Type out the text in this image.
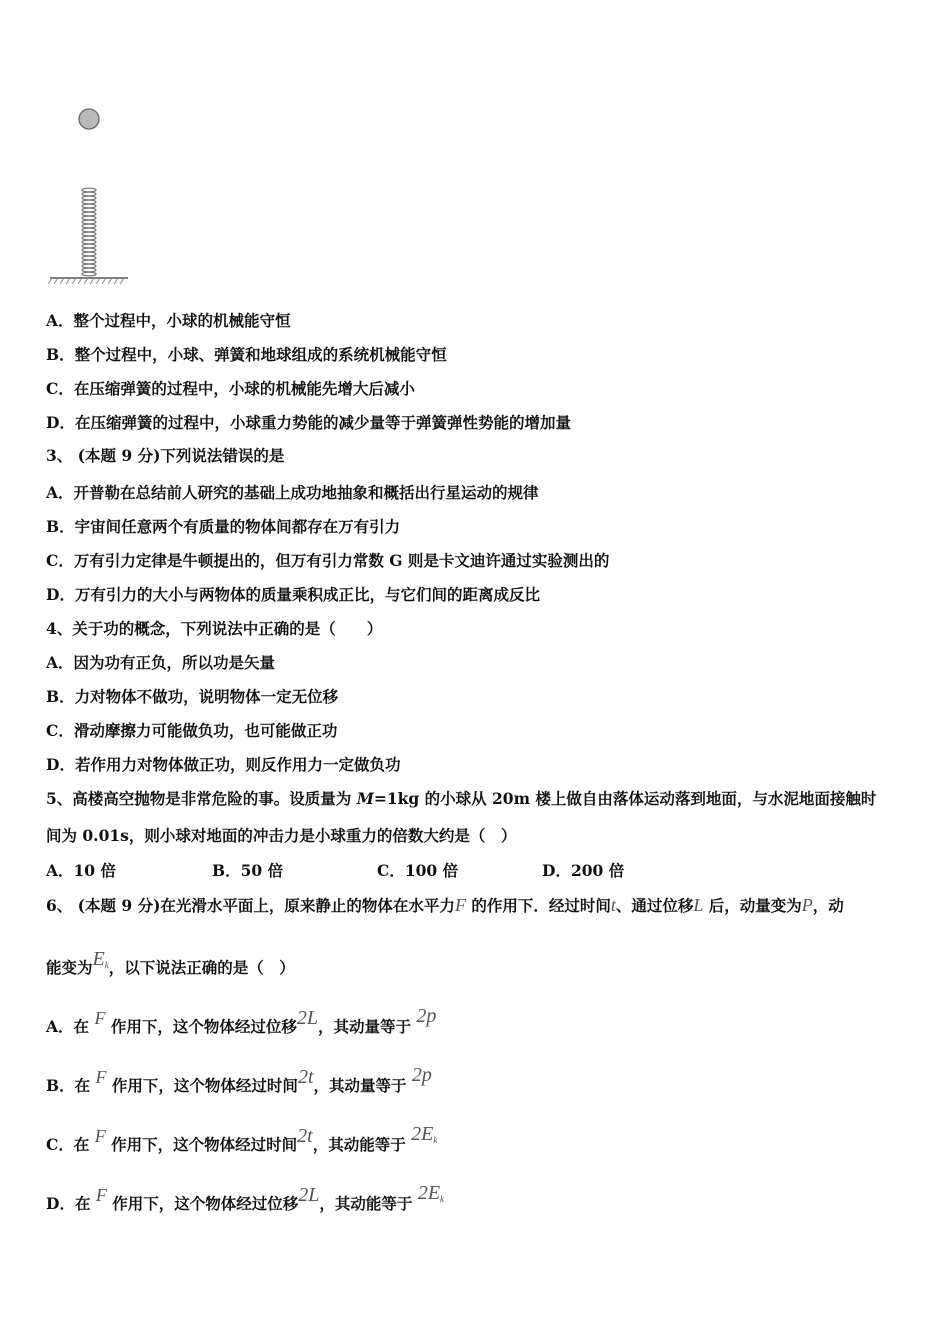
A．整个过程中，小球的机械能守恒
B．整个过程中，小球、弹簧和地球组成的系统机械能守恒
C．在压缩弹簧的过程中，小球的机械能先增大后减小
D．在压缩弹簧的过程中，小球重力势能的减少量等于弹簧弹性势能的增加量
3、 (本题 9 分)下列说法错误的是
A．开普勒在总结前人研究的基础上成功地抽象和概括出行星运动的规律
B．宇宙间任意两个有质量的物体间都存在万有引力
C．万有引力定律是牛顿提出的，但万有引力常数 G 则是卡文迪许通过实验测出的
D．万有引力的大小与两物体的质量乘积成正比，与它们间的距离成反比
4、关于功的概念，下列说法中正确的是（　　）
A．因为功有正负，所以功是矢量
B．力对物体不做功，说明物体一定无位移
C．滑动摩擦力可能做负功，也可能做正功
D．若作用力对物体做正功，则反作用力一定做负功
5、高楼高空抛物是非常危险的事。设质量为 M=1kg 的小球从 20m 楼上做自由落体运动落到地面，与水泥地面接触时
间为 0.01s，则小球对地面的冲击力是小球重力的倍数大约是（　）
A．10 倍	B．50 倍	C．100 倍	D．200 倍
6、 (本题 9 分)在光滑水平面上，原来静止的物体在水平力F 的作用下．经过时间t、通过位移L 后，动量变为P，动
能变为$E_k$，以下说法正确的是（　）
A．在 F 作用下，这个物体经过位移2L，其动量等于 2p
B．在 F 作用下，这个物体经过时间2t，其动量等于 2p
C．在 F 作用下，这个物体经过时间2t，其动能等于 $2E_k$
D．在 F 作用下，这个物体经过位移2L，其动能等于 $2E_k$
